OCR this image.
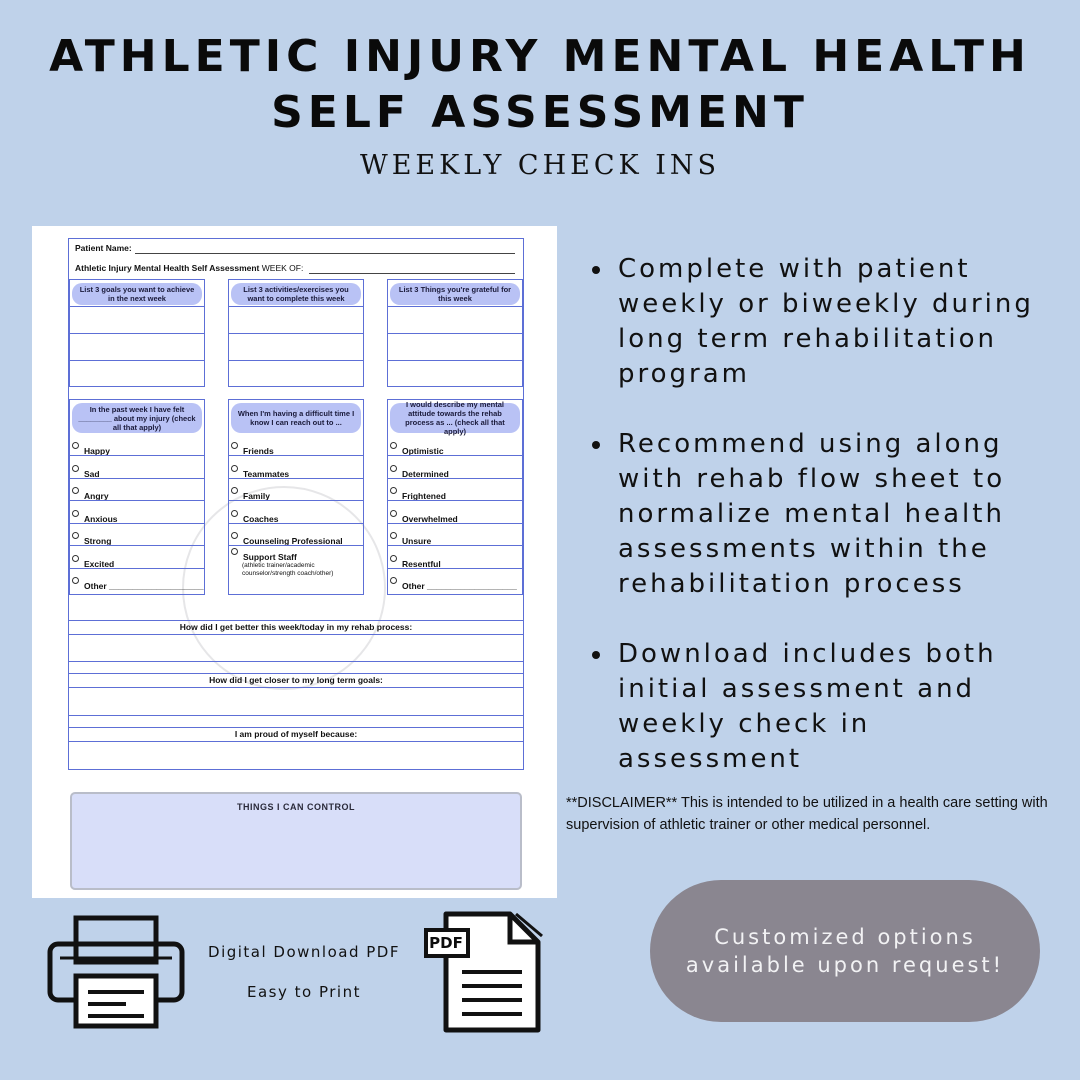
ATHLETIC INJURY MENTAL HEALTH
SELF ASSESSMENT
WEEKLY CHECK INS
Patient Name:
Athletic Injury Mental Health Self Assessment WEEK OF:
List 3 goals you want to achieve in the next week
List 3 activities/exercises you want to complete this week
List 3 Things you're grateful for this week
In the past week I have felt ________ about my injury (check all that apply)
Happy
Sad
Angry
Anxious
Strong
Excited
Other ____________________
When I'm having a difficult time I know I can reach out to ...
Friends
Teammates
Family
Coaches
Counseling Professional
Support Staff
(athletic trainer/academic counselor/strength coach/other)
I would describe my mental attitude towards the rehab process as ... (check all that apply)
Optimistic
Determined
Frightened
Overwhelmed
Unsure
Resentful
Other ___________________
How did I get better this week/today in my rehab process:
How did I get closer to my long term goals:
I am proud of myself because:
THINGS I CAN CONTROL
Complete with patient weekly or biweekly during long term rehabilitation program
Recommend using along with rehab flow sheet to normalize mental health assessments within the rehabilitation process
Download includes both initial assessment and weekly check in assessment
**DISCLAIMER** This is intended to be utilized in a health care setting with supervision of athletic trainer or other medical personnel.
Digital Download PDF
Easy to Print
PDF	Customized options
available upon request!
